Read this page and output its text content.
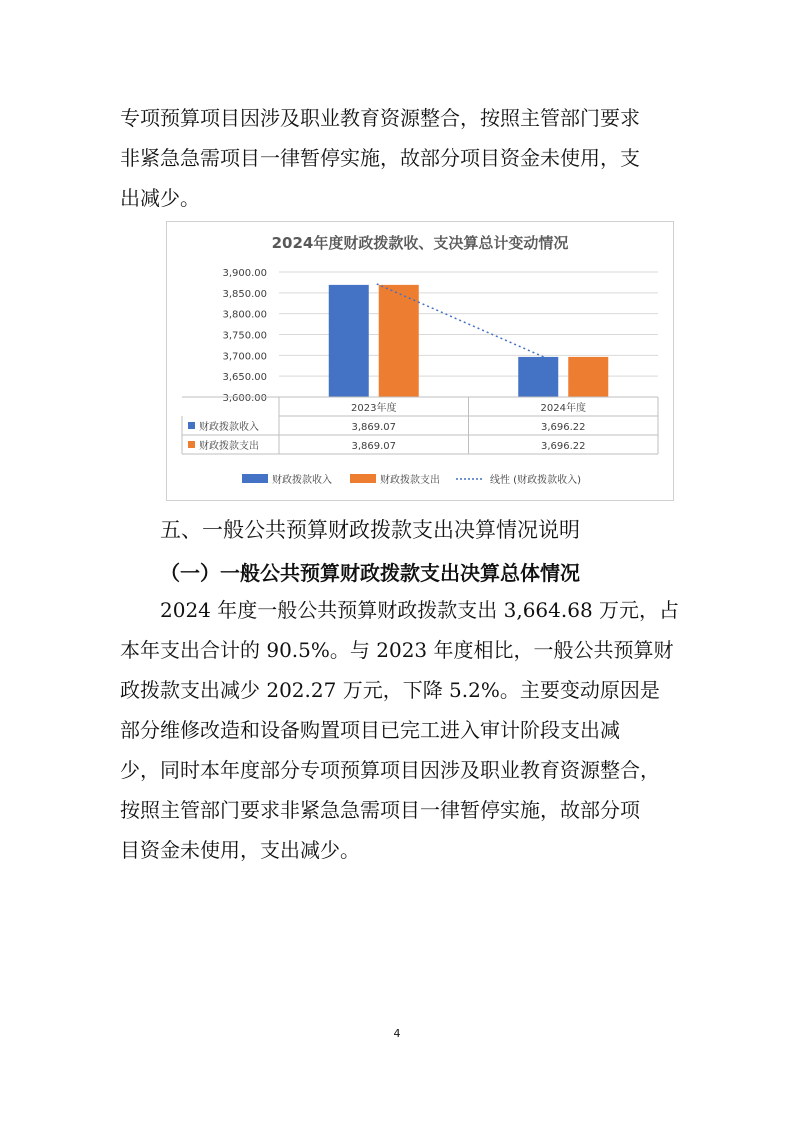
专项预算项目因涉及职业教育资源整合，按照主管部门要求
非紧急急需项目一律暂停实施，故部分项目资金未使用，支
出减少。
2024年度财政拨款收、支决算总计变动情况
3,900.00
3,850.00
3,800.00
3,750.00
3,700.00
3,650.00
3,600.00
2023年度	2024年度
财政拨款收入	3,869.07	3,696.22
财政拨款支出	3,869.07	3,696.22
财政拨款收入	财政拨款支出	线性 (财政拨款收入)
五、一般公共预算财政拨款支出决算情况说明
（一）一般公共预算财政拨款支出决算总体情况
2024 年度一般公共预算财政拨款支出 3,664.68 万元，占
本年支出合计的 90.5%。与 2023 年度相比，一般公共预算财
政拨款支出减少 202.27 万元，下降 5.2%。主要变动原因是
部分维修改造和设备购置项目已完工进入审计阶段支出减
少，同时本年度部分专项预算项目因涉及职业教育资源整合，
按照主管部门要求非紧急急需项目一律暂停实施，故部分项
目资金未使用，支出减少。
4
